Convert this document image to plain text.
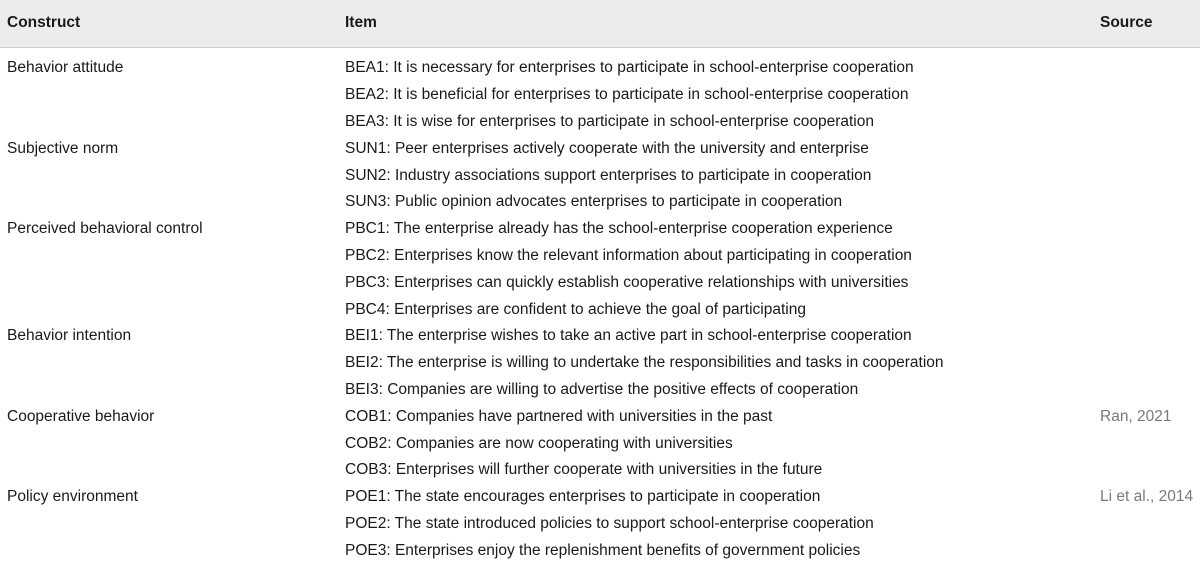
Construct	Item	Source

Behavior attitude	BEA1: It is necessary for enterprises to participate in school-enterprise cooperation	
	BEA2: It is beneficial for enterprises to participate in school-enterprise cooperation	
	BEA3: It is wise for enterprises to participate in school-enterprise cooperation	
Subjective norm	SUN1: Peer enterprises actively cooperate with the university and enterprise	
	SUN2: Industry associations support enterprises to participate in cooperation	
	SUN3: Public opinion advocates enterprises to participate in cooperation	
Perceived behavioral control	PBC1: The enterprise already has the school-enterprise cooperation experience	
	PBC2: Enterprises know the relevant information about participating in cooperation	
	PBC3: Enterprises can quickly establish cooperative relationships with universities	
	PBC4: Enterprises are confident to achieve the goal of participating	
Behavior intention	BEI1: The enterprise wishes to take an active part in school-enterprise cooperation	
	BEI2: The enterprise is willing to undertake the responsibilities and tasks in cooperation	
	BEI3: Companies are willing to advertise the positive effects of cooperation	
Cooperative behavior	COB1: Companies have partnered with universities in the past	Ran, 2021
	COB2: Companies are now cooperating with universities	
	COB3: Enterprises will further cooperate with universities in the future	
Policy environment	POE1: The state encourages enterprises to participate in cooperation	Li et al., 2014
	POE2: The state introduced policies to support school-enterprise cooperation	
	POE3: Enterprises enjoy the replenishment benefits of government policies	
